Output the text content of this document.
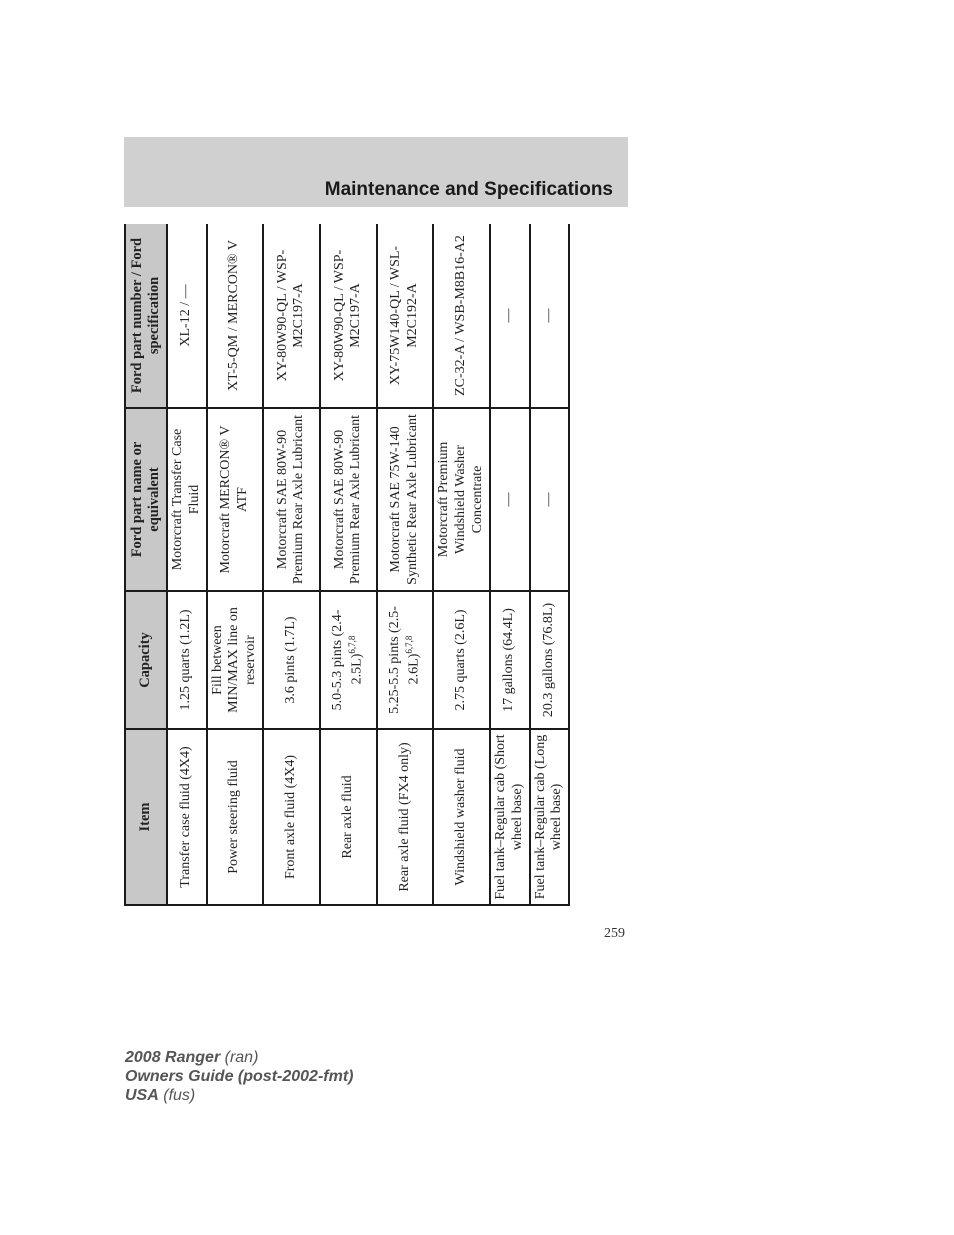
Maintenance and Specifications
Item	Capacity	Ford part name or equivalent	Ford part number / Ford specification
Transfer case fluid (4X4)	1.25 quarts (1.2L)	Motorcraft Transfer Case Fluid	XL-12 / —
Power steering fluid	Fill between MIN/MAX line on reservoir	Motorcraft MERCON® V ATF	XT-5-QM / MERCON® V
Front axle fluid (4X4)	3.6 pints (1.7L)	Motorcraft SAE 80W-90 Premium Rear Axle Lubricant	XY-80W90-QL / WSP-M2C197-A
Rear axle fluid	5.0-5.3 pints $(2.4-2.5L)^{6,7,8}$	Motorcraft SAE 80W-90 Premium Rear Axle Lubricant	XY-80W90-QL / WSP-M2C197-A
Rear axle fluid (FX4 only)	5.25-5.5 pints $(2.5-2.6L)^{6,7,8}$	Motorcraft SAE 75W-140 Synthetic Rear Axle Lubricant	XY-75W140-QL / WSL-M2C192-A
Windshield washer fluid	2.75 quarts (2.6L)	Motorcraft Premium Windshield Washer Concentrate	ZC-32-A / WSB-M8B16-A2
Fuel tank–Regular cab (Short wheel base)	17 gallons (64.4L)	—	—
Fuel tank–Regular cab (Long wheel base)	20.3 gallons (76.8L)	—	—
259
2008 Ranger (ran)
Owners Guide (post-2002-fmt)
USA (fus)
